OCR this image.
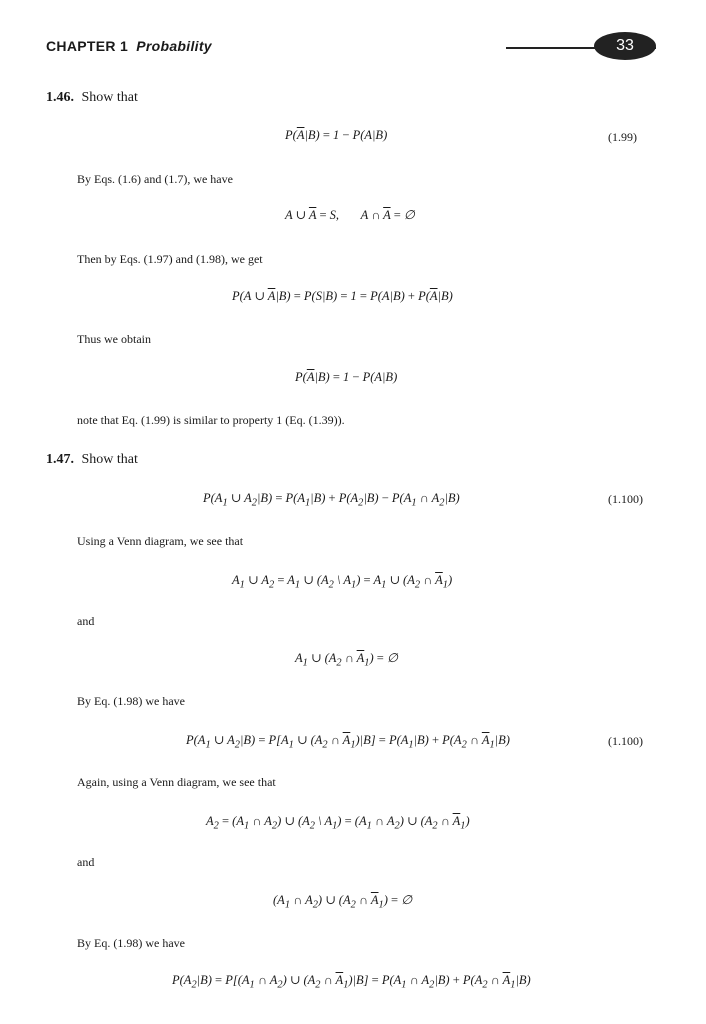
CHAPTER 1 Probability	33
1.46. Show that
$P(\overline{A}|B) = 1 - P(A|B)$	(1.99)
By Eqs. (1.6) and (1.7), we have
A ∪ $\overline{A} = S$,       A ∩ $\overline{A}$ = ∅
Then by Eqs. (1.97) and (1.98), we get
P(A ∪ $\overline{A}|B) = P(S|B) = 1 = P(A|B) + P(\overline{A}|B)$
Thus we obtain
$P(\overline{A}|B) = 1 - P(A|B)$
note that Eq. (1.99) is similar to property 1 (Eq. (1.39)).
1.47. Show that
$P(A_1$ ∪ $A_2|B) = P(A_1|B) + P(A_2|B) - P(A_1$ ∩ $A_2|B$)	(1.100)
Using a Venn diagram, we see that
$A_1$ ∪ $A_2 = A_1$ ∪ ($A_2$ \ $A_1) = A_1$ ∪ ($A_2$ ∩ $\overline{A}_1$)
and
$A_1$ ∪ ($A_2$ ∩ $\overline{A}_1$) = ∅
By Eq. (1.98) we have
$P(A_1$ ∪ $A_2|B) = P[A_1$ ∪ ($A_2$ ∩ $\overline{A}_1)|B] = P(A_1|B) + P(A_2$ ∩ $\overline{A}_1|B$)	(1.100)
Again, using a Venn diagram, we see that
$A_2 = (A_1$ ∩ $A_2$) ∪ ($A_2$ \ $A_1) = (A_1$ ∩ $A_2$) ∪ ($A_2$ ∩ $\overline{A}_1$)
and
($A_1$ ∩ $A_2$) ∪ ($A_2$ ∩ $\overline{A}_1$) = ∅
By Eq. (1.98) we have
$P(A_2|B) = P[(A_1$ ∩ $A_2$) ∪ ($A_2$ ∩ $\overline{A}_1)|B] = P(A_1$ ∩ $A_2|B) + P(A_2$ ∩ $\overline{A}_1|B$)
